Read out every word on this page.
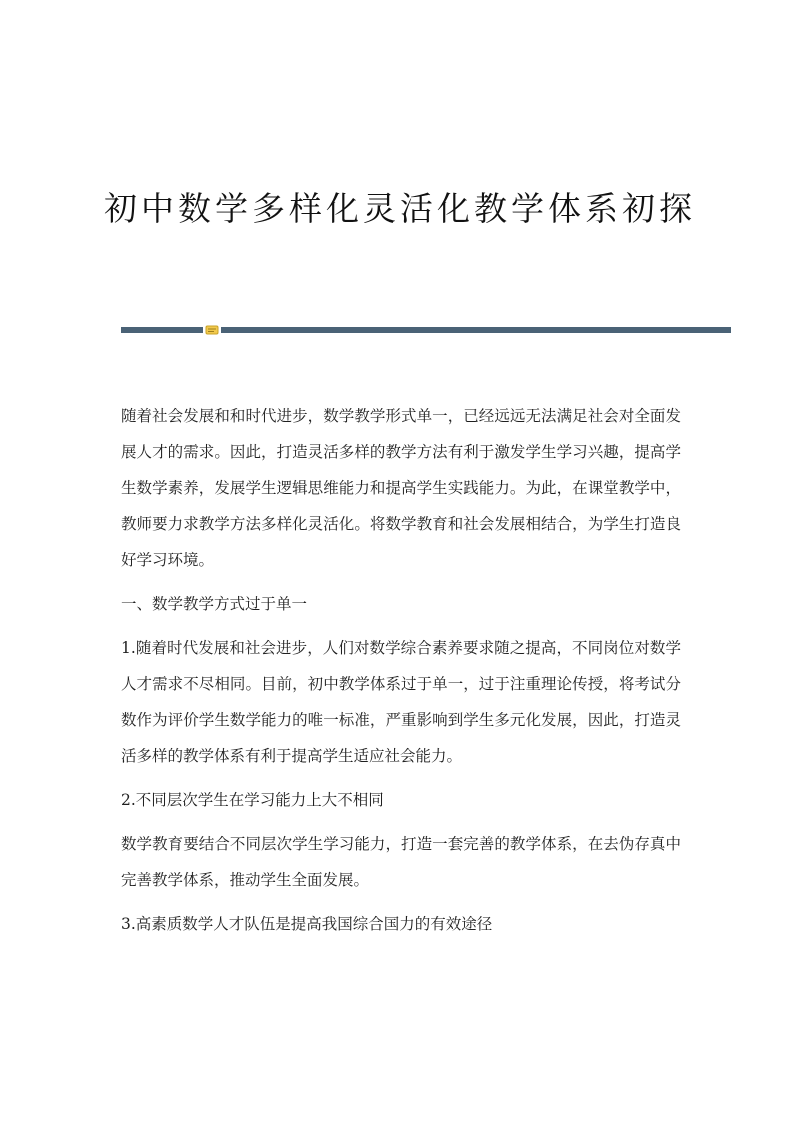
初中数学多样化灵活化教学体系初探

随着社会发展和和时代进步，数学教学形式单一，已经远远无法满足社会对全面发展人才的需求。因此，打造灵活多样的教学方法有利于激发学生学习兴趣，提高学生数学素养，发展学生逻辑思维能力和提高学生实践能力。为此，在课堂教学中，教师要力求教学方法多样化灵活化。将数学教育和社会发展相结合，为学生打造良好学习环境。

一、数学教学方式过于单一

1.随着时代发展和社会进步，人们对数学综合素养要求随之提高，不同岗位对数学人才需求不尽相同。目前，初中教学体系过于单一，过于注重理论传授，将考试分数作为评价学生数学能力的唯一标准，严重影响到学生多元化发展，因此，打造灵活多样的教学体系有利于提高学生适应社会能力。

2.不同层次学生在学习能力上大不相同

数学教育要结合不同层次学生学习能力，打造一套完善的教学体系，在去伪存真中完善教学体系，推动学生全面发展。

3.高素质数学人才队伍是提高我国综合国力的有效途径
